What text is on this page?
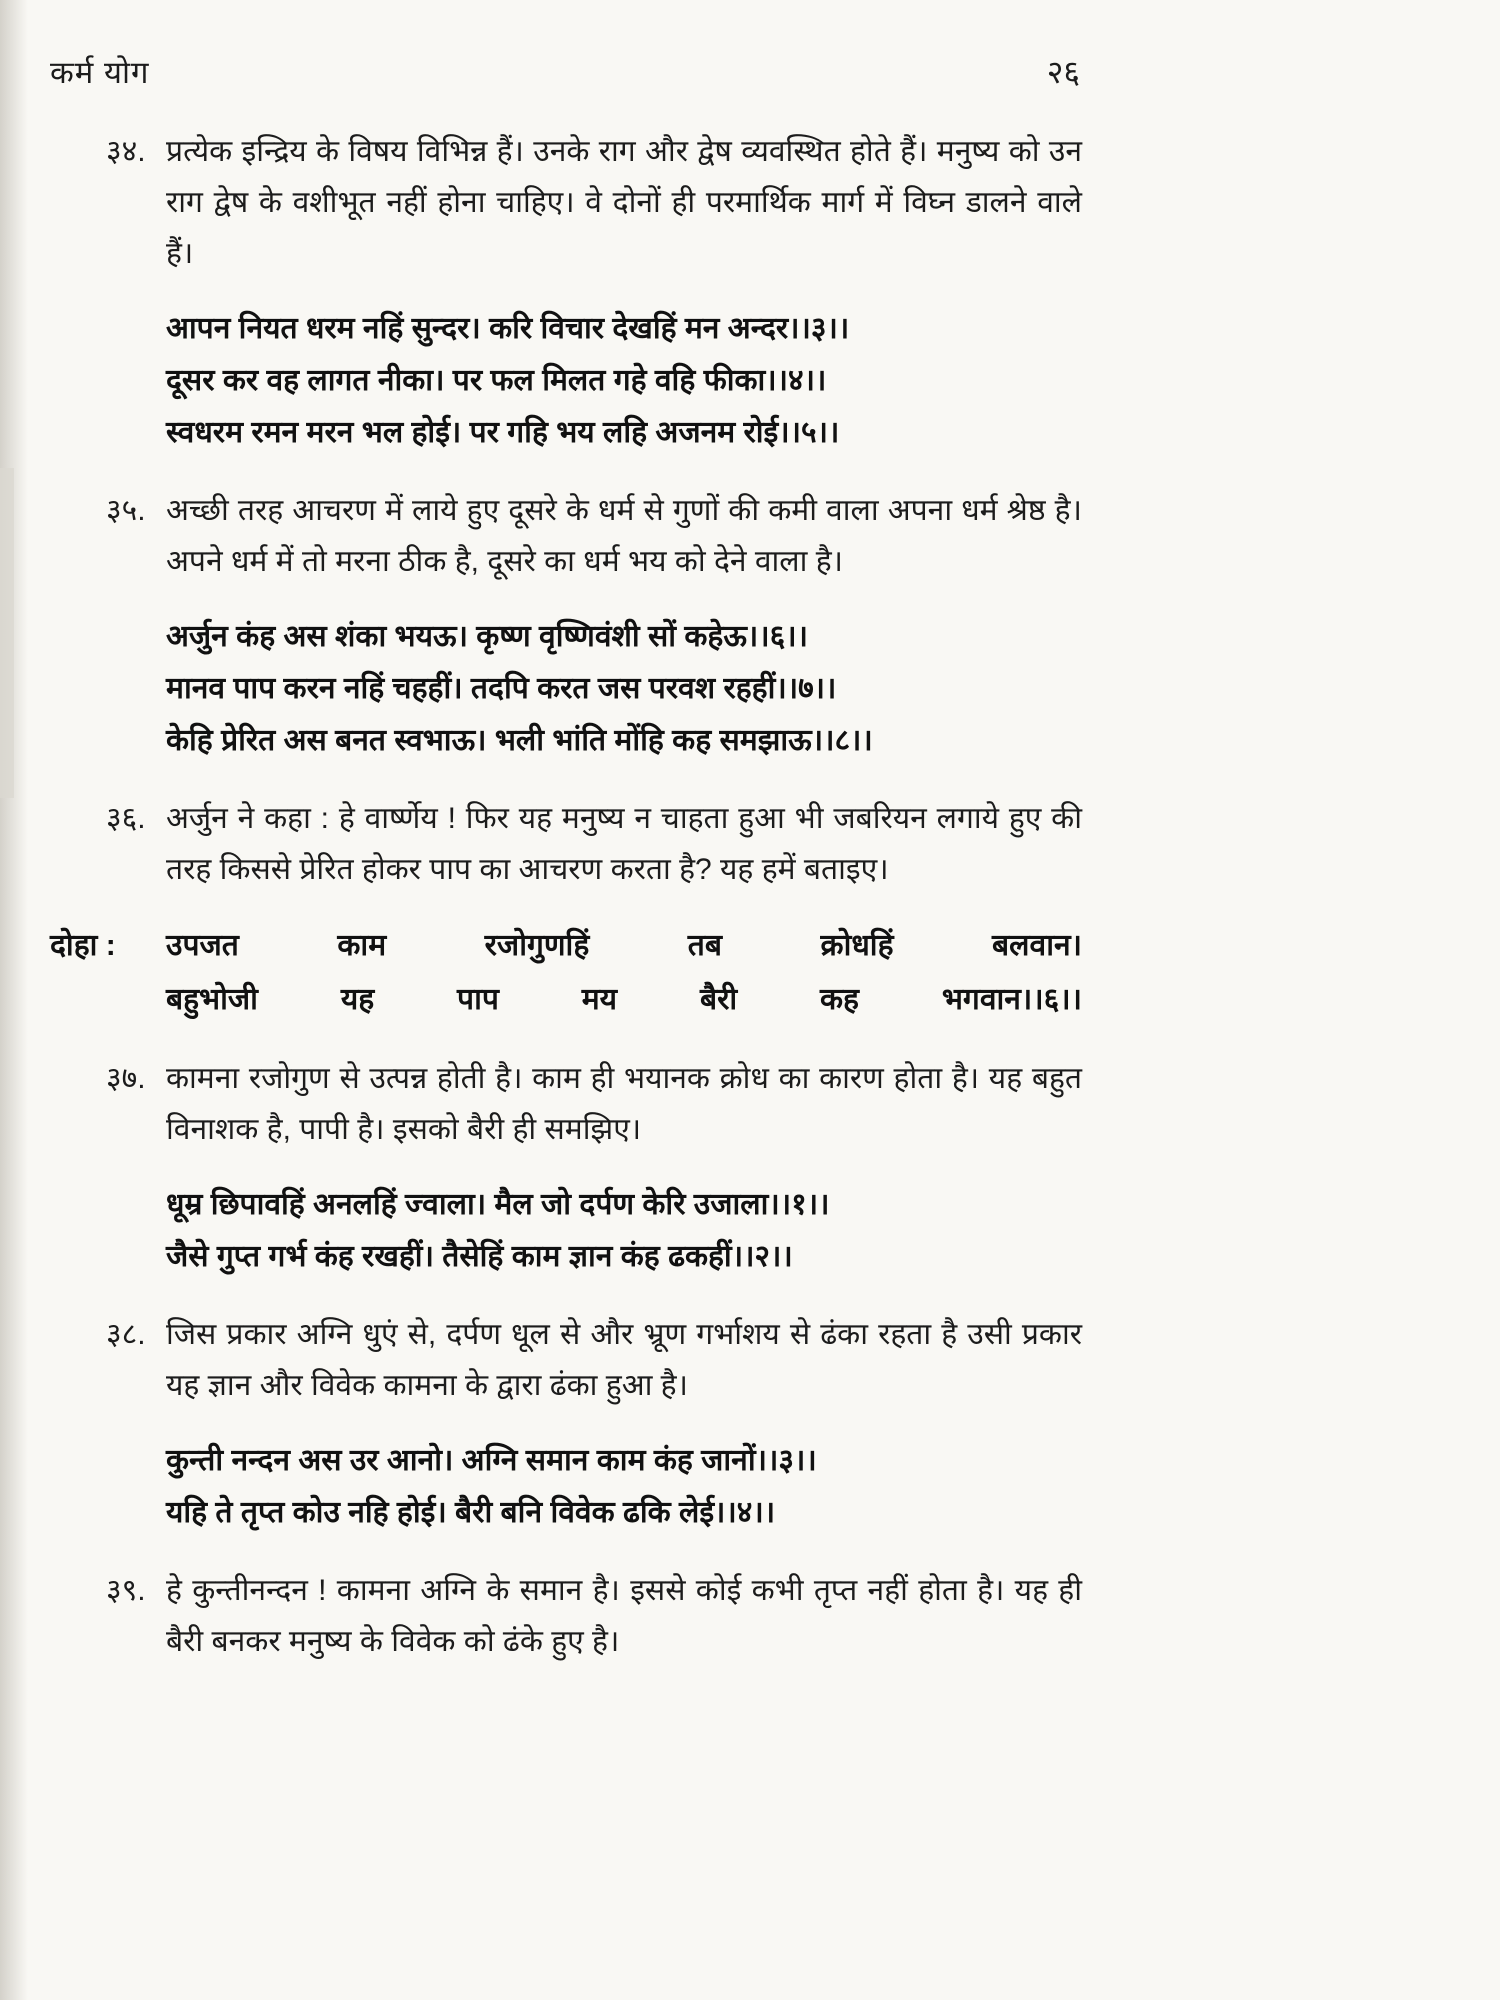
कर्म योग	२६
३४. प्रत्येक इन्द्रिय के विषय विभिन्न हैं। उनके राग और द्वेष व्यवस्थित होते हैं। मनुष्य को उन राग द्वेष के वशीभूत नहीं होना चाहिए। वे दोनों ही परमार्थिक मार्ग में विघ्न डालने वाले हैं।

आपन नियत धरम नहिं सुन्दर। करि विचार देखहिं मन अन्दर।।३।।

दूसर कर वह लागत नीका। पर फल मिलत गहे वहि फीका।।४।।

स्वधरम रमन मरन भल होई। पर गहि भय लहि अजनम रोई।।५।।

३५. अच्छी तरह आचरण में लाये हुए दूसरे के धर्म से गुणों की कमी वाला अपना धर्म श्रेष्ठ है। अपने धर्म में तो मरना ठीक है, दूसरे का धर्म भय को देने वाला है।

अर्जुन कंह अस शंका भयऊ। कृष्ण वृष्णिवंशी सों कहेऊ।।६।।

मानव पाप करन नहिं चहहीं। तदपि करत जस परवश रहहीं।।७।।

केहि प्रेरित अस बनत स्वभाऊ। भली भांति मोंहि कह समझाऊ।।८।।

३६. अर्जुन ने कहा : हे वार्ष्णेय ! फिर यह मनुष्य न चाहता हुआ भी जबरियन लगाये हुए की तरह किससे प्रेरित होकर पाप का आचरण करता है? यह हमें बताइए।

दोहा :	उपजत काम रजोगुणहिं तब क्रोधहिं बलवान।

बहुभोजी यह पाप मय बैरी कह भगवान।।६।।

३७. कामना रजोगुण से उत्पन्न होती है। काम ही भयानक क्रोध का कारण होता है। यह बहुत विनाशक है, पापी है। इसको बैरी ही समझिए।

धूम्र छिपावहिं अनलहिं ज्वाला। मैल जो दर्पण केरि उजाला।।१।।

जैसे गुप्त गर्भ कंह रखहीं। तैसेहिं काम ज्ञान कंह ढकहीं।।२।।

३८. जिस प्रकार अग्नि धुएं से, दर्पण धूल से और भ्रूण गर्भाशय से ढंका रहता है उसी प्रकार यह ज्ञान और विवेक कामना के द्वारा ढंका हुआ है।

कुन्ती नन्दन अस उर आनो। अग्नि समान काम कंह जानों।।३।।

यहि ते तृप्त कोउ नहि होई। बैरी बनि विवेक ढकि लेई।।४।।

३९. हे कुन्तीनन्दन ! कामना अग्नि के समान है। इससे कोई कभी तृप्त नहीं होता है। यह ही बैरी बनकर मनुष्य के विवेक को ढंके हुए है।
